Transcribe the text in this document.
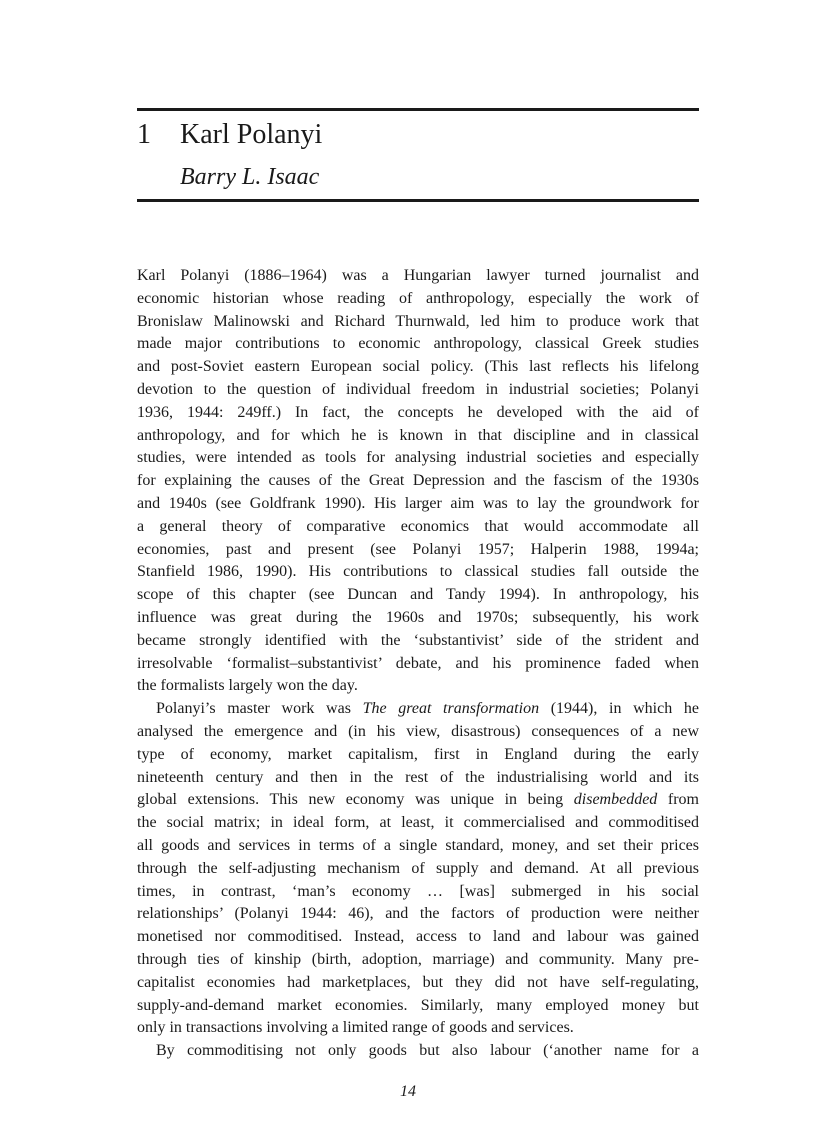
1 Karl Polanyi
Barry L. Isaac

Karl Polanyi (1886–1964) was a Hungarian lawyer turned journalist and

economic historian whose reading of anthropology, especially the work of

Bronislaw Malinowski and Richard Thurnwald, led him to produce work that

made major contributions to economic anthropology, classical Greek studies

and post-Soviet eastern European social policy. (This last reflects his lifelong

devotion to the question of individual freedom in industrial societies; Polanyi

1936, 1944: 249ff.) In fact, the concepts he developed with the aid of

anthropology, and for which he is known in that discipline and in classical

studies, were intended as tools for analysing industrial societies and especially

for explaining the causes of the Great Depression and the fascism of the 1930s

and 1940s (see Goldfrank 1990). His larger aim was to lay the groundwork for

a general theory of comparative economics that would accommodate all

economies, past and present (see Polanyi 1957; Halperin 1988, 1994a;

Stanfield 1986, 1990). His contributions to classical studies fall outside the

scope of this chapter (see Duncan and Tandy 1994). In anthropology, his

influence was great during the 1960s and 1970s; subsequently, his work

became strongly identified with the ‘substantivist’ side of the strident and

irresolvable ‘formalist–substantivist’ debate, and his prominence faded when

the formalists largely won the day.

Polanyi’s master work was The great transformation (1944), in which he

analysed the emergence and (in his view, disastrous) consequences of a new

type of economy, market capitalism, first in England during the early

nineteenth century and then in the rest of the industrialising world and its

global extensions. This new economy was unique in being disembedded from

the social matrix; in ideal form, at least, it commercialised and commoditised

all goods and services in terms of a single standard, money, and set their prices

through the self-adjusting mechanism of supply and demand. At all previous

times, in contrast, ‘man’s economy … [was] submerged in his social

relationships’ (Polanyi 1944: 46), and the factors of production were neither

monetised nor commoditised. Instead, access to land and labour was gained

through ties of kinship (birth, adoption, marriage) and community. Many pre-

capitalist economies had marketplaces, but they did not have self-regulating,

supply-and-demand market economies. Similarly, many employed money but

only in transactions involving a limited range of goods and services.

By commoditising not only goods but also labour (‘another name for a

14
